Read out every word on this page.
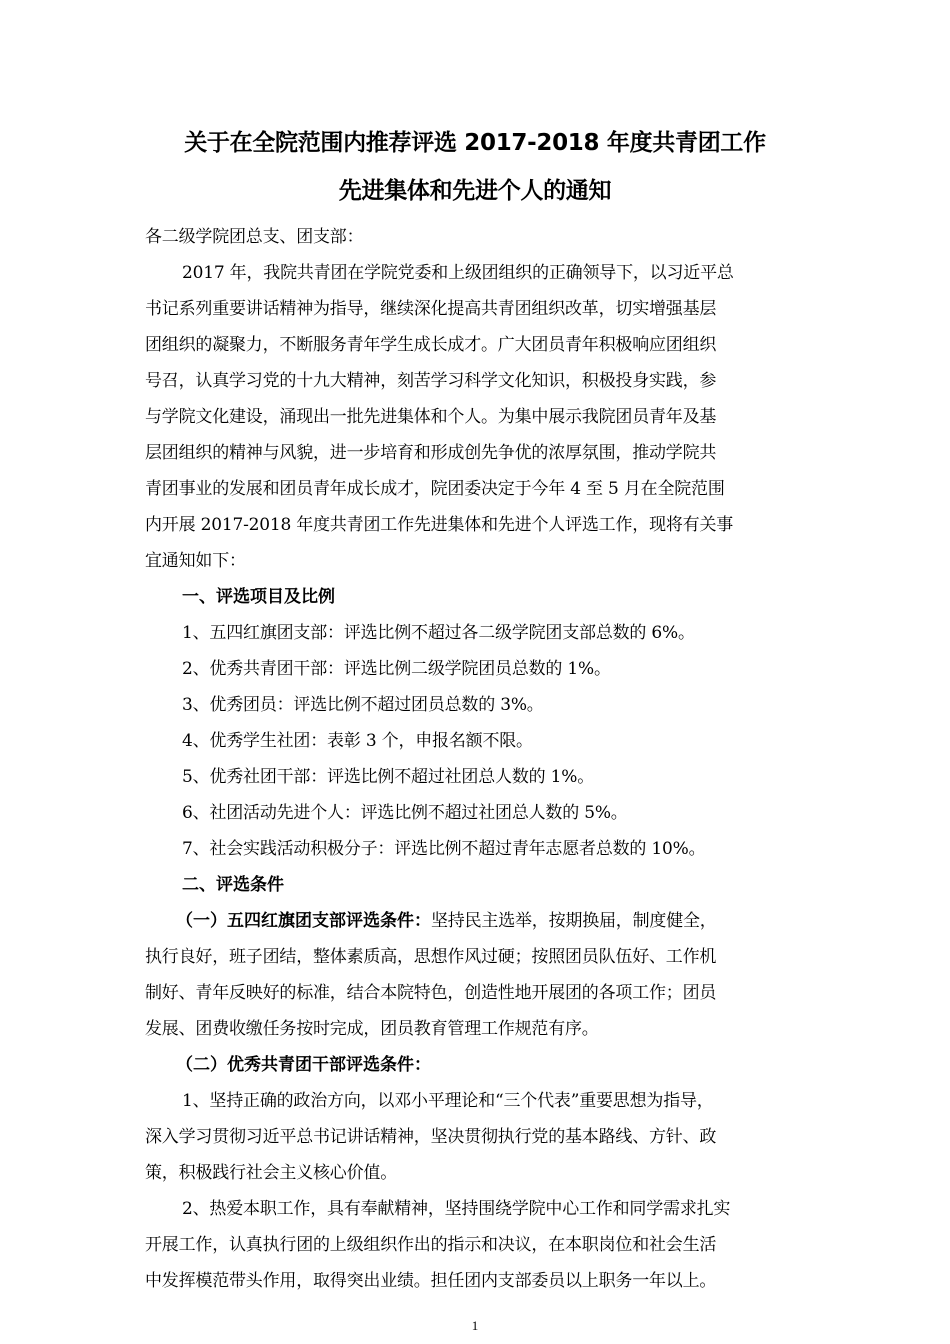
关于在全院范围内推荐评选 2017-2018 年度共青团工作
先进集体和先进个人的通知
各二级学院团总支、团支部：
2017 年，我院共青团在学院党委和上级团组织的正确领导下，以习近平总
书记系列重要讲话精神为指导，继续深化提高共青团组织改革，切实增强基层
团组织的凝聚力，不断服务青年学生成长成才。广大团员青年积极响应团组织
号召，认真学习党的十九大精神，刻苦学习科学文化知识，积极投身实践，参
与学院文化建设，涌现出一批先进集体和个人。为集中展示我院团员青年及基
层团组织的精神与风貌，进一步培育和形成创先争优的浓厚氛围，推动学院共
青团事业的发展和团员青年成长成才，院团委决定于今年 4 至 5 月在全院范围
内开展 2017-2018 年度共青团工作先进集体和先进个人评选工作，现将有关事
宜通知如下：
一、评选项目及比例
1、五四红旗团支部：评选比例不超过各二级学院团支部总数的 6%。
2、优秀共青团干部：评选比例二级学院团员总数的 1%。
3、优秀团员：评选比例不超过团员总数的 3%。
4、优秀学生社团：表彰 3 个，申报名额不限。
5、优秀社团干部：评选比例不超过社团总人数的 1%。
6、社团活动先进个人：评选比例不超过社团总人数的 5%。
7、社会实践活动积极分子：评选比例不超过青年志愿者总数的 10%。
二、评选条件
（一）五四红旗团支部评选条件：坚持民主选举，按期换届，制度健全，
执行良好，班子团结，整体素质高，思想作风过硬；按照团员队伍好、工作机
制好、青年反映好的标准，结合本院特色，创造性地开展团的各项工作；团员
发展、团费收缴任务按时完成，团员教育管理工作规范有序。
（二）优秀共青团干部评选条件：
1、坚持正确的政治方向，以邓小平理论和“三个代表”重要思想为指导，
深入学习贯彻习近平总书记讲话精神，坚决贯彻执行党的基本路线、方针、政
策，积极践行社会主义核心价值。
2、热爱本职工作，具有奉献精神，坚持围绕学院中心工作和同学需求扎实
开展工作，认真执行团的上级组织作出的指示和决议，在本职岗位和社会生活
中发挥模范带头作用，取得突出业绩。担任团内支部委员以上职务一年以上。
1
